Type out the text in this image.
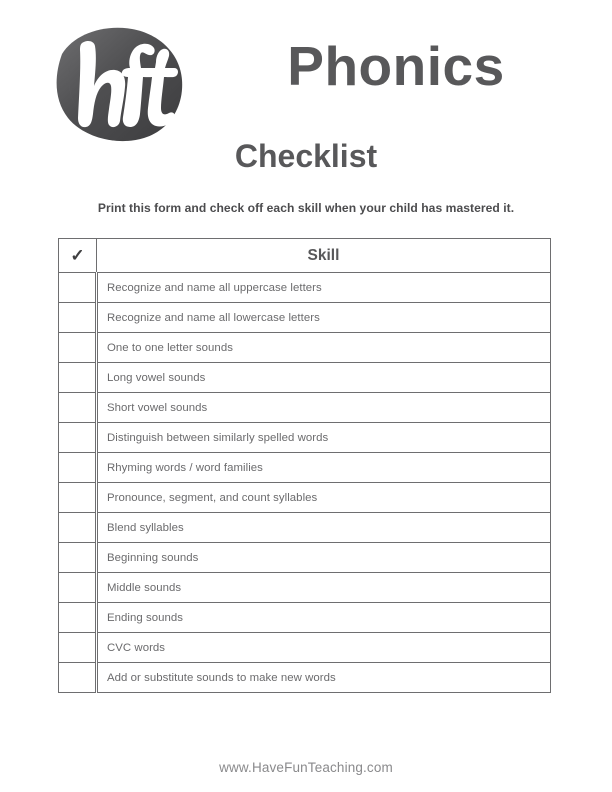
Phonics
Checklist
Print this form and check off each skill when your child has mastered it.
✓	Skill
	Recognize and name all uppercase letters
	Recognize and name all lowercase letters
	One to one letter sounds
	Long vowel sounds
	Short vowel sounds
	Distinguish between similarly spelled words
	Rhyming words / word families
	Pronounce, segment, and count syllables
	Blend syllables
	Beginning sounds
	Middle sounds
	Ending sounds
	CVC words
	Add or substitute sounds to make new words
www.HaveFunTeaching.com
